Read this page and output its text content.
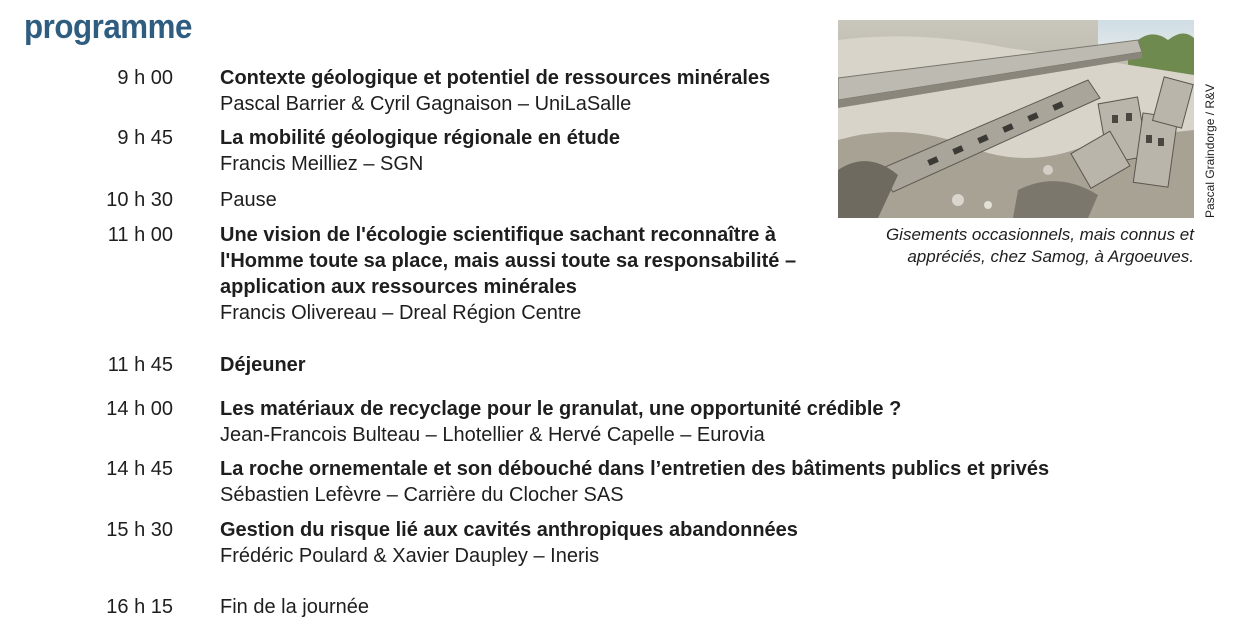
programme
9 h 00 Contexte géologique et potentiel de ressources minérales
Pascal Barrier & Cyril Gagnaison – UniLaSalle
9 h 45 La mobilité géologique régionale en étude
Francis Meilliez – SGN
10 h 30 Pause
11 h 00 Une vision de l'écologie scientifique sachant reconnaître à
l'Homme toute sa place, mais aussi toute sa responsabilité –
application aux ressources minérales
Francis Olivereau – Dreal Région Centre
11 h 45 Déjeuner
14 h 00 Les matériaux de recyclage pour le granulat, une opportunité crédible ?
Jean-Francois Bulteau – Lhotellier & Hervé Capelle – Eurovia
14 h 45 La roche ornementale et son débouché dans l’entretien des bâtiments publics et privés
Sébastien Lefèvre – Carrière du Clocher SAS
15 h 30 Gestion du risque lié aux cavités anthropiques abandonnées
Frédéric Poulard & Xavier Daupley – Ineris
16 h 15 Fin de la journée
Pascal Graindorge / R&V
Gisements occasionnels, mais connus et
appréciés, chez Samog, à Argoeuves.
